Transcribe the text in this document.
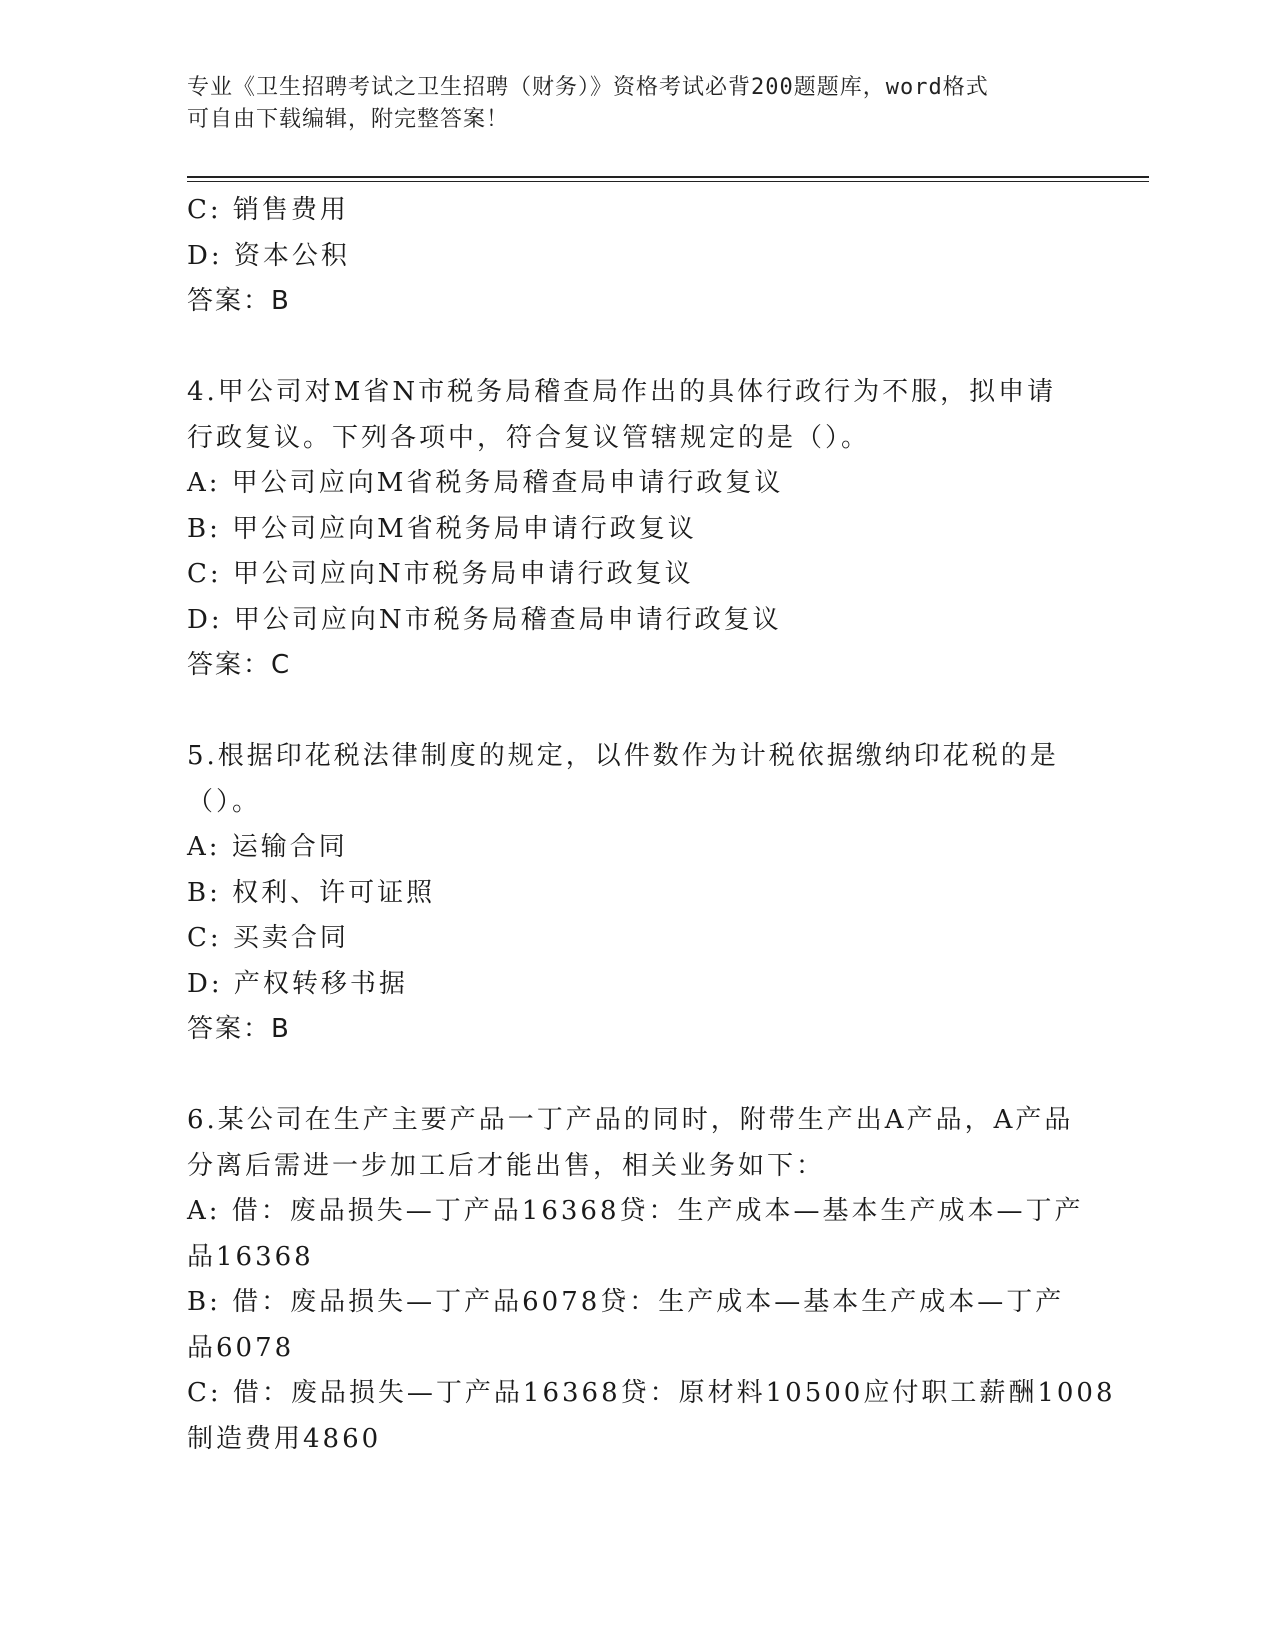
专业《卫生招聘考试之卫生招聘（财务）》资格考试必背200题题库，word格式
可自由下载编辑，附完整答案！
C: 销售费用
D: 资本公积
答案：B
4.甲公司对M省N市税务局稽查局作出的具体行政行为不服，拟申请
行政复议。下列各项中，符合复议管辖规定的是（）。
A: 甲公司应向M省税务局稽查局申请行政复议
B: 甲公司应向M省税务局申请行政复议
C: 甲公司应向N市税务局申请行政复议
D: 甲公司应向N市税务局稽查局申请行政复议
答案：C
5.根据印花税法律制度的规定，以件数作为计税依据缴纳印花税的是
（）。
A: 运输合同
B: 权利、许可证照
C: 买卖合同
D: 产权转移书据
答案：B
6.某公司在生产主要产品一丁产品的同时，附带生产出A产品，A产品
分离后需进一步加工后才能出售，相关业务如下：
A: 借：废品损失—丁产品16368贷：生产成本—基本生产成本—丁产
品16368
B: 借：废品损失—丁产品6078贷：生产成本—基本生产成本—丁产
品6078
C: 借：废品损失—丁产品16368贷：原材料10500应付职工薪酬1008
制造费用4860
